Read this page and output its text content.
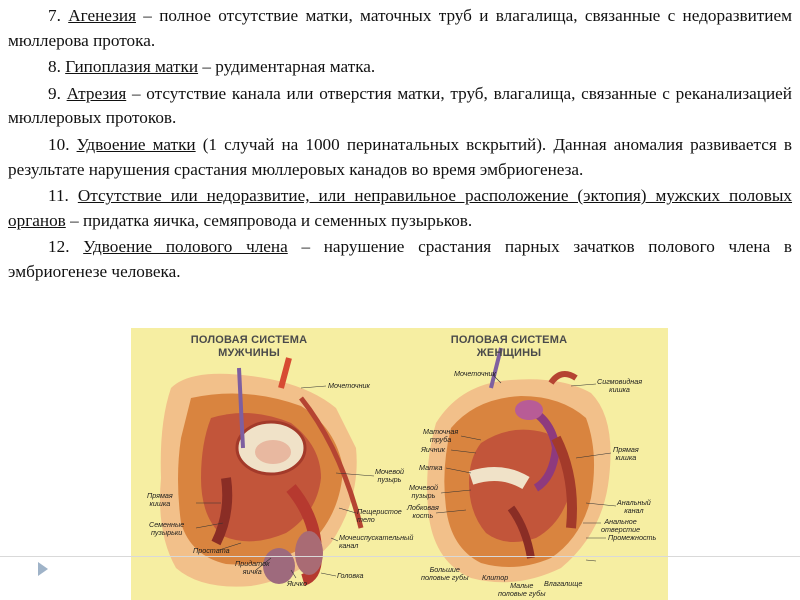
7. Агенезия – полное отсутствие матки, маточных труб и влагалища, связанные с недоразвитием мюллерова протока.

8. Гипоплазия матки – рудиментарная матка.

9. Атрезия – отсутствие канала или отверстия матки, труб, влагалища, связанные с реканализацией мюллеровых протоков.

10. Удвоение матки (1 случай на 1000 перинатальных вскрытий). Данная аномалия развивается в результате нарушения срастания мюллеровых канадов во время эмбриогенеза.

11. Отсутствие или недоразвитие, или неправильное расположение (эктопия) мужских половых органов – придатка яичка, семяпровода и семенных пузырьков.

12. Удвоение полового члена – нарушение срастания парных зачатков полового члена в эмбриогенезе человека.

ПОЛОВАЯ СИСТЕМА
МУЖЧИНЫ
ПОЛОВАЯ СИСТЕМА
ЖЕНЩИНЫ
Мочеточник
Мочевой
пузырь
Прямая
кишка
Семенные
пузырьки
Простата
Придаток
яичка
Яичко
Головка
Пещеристое
тело
Мочеиспускательный
канал
Мочеточник
Сигмовидная
кишка
Маточная
труба
Яичник
Матка
Прямая
кишка
Мочевой
пузырь
Лобковая
кость
Анальный
канал
Анальное
отверстие
Промежность
Большие
половые губы Клитор
Малые
половые губы
Влагалище
